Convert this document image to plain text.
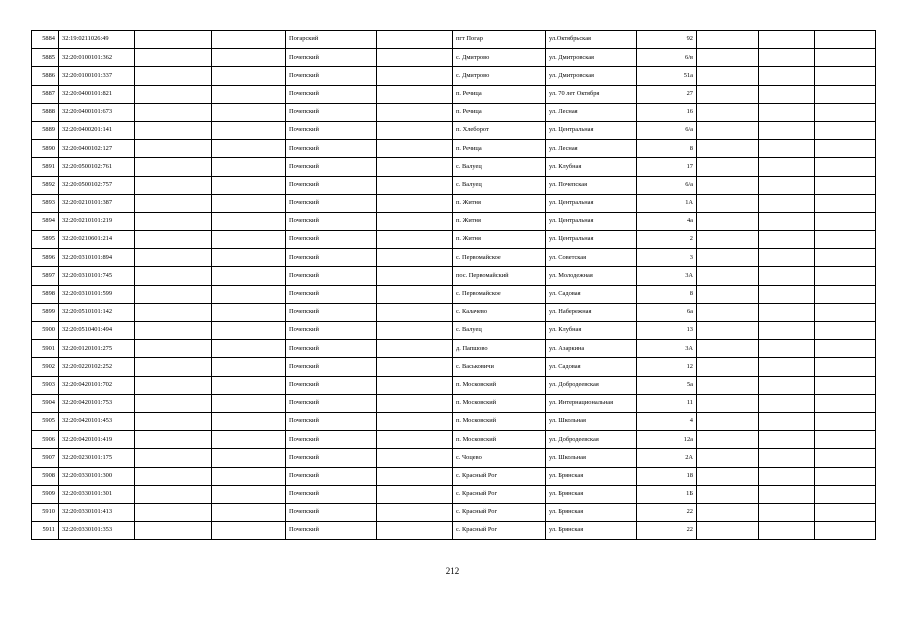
5884	32:19:0211026:49			Погарский		пгт Погар	ул.Октябрьская	92			
5885	32:20:0100101:362			Почепский		с. Дмитрово	ул. Дмитровская	6/в			
5886	32:20:0100101:337			Почепский		с. Дмитрово	ул. Дмитровская	51а			
5887	32:20:0400101:821			Почепский		п. Речица	ул. 70 лет Октября	27			
5888	32:20:0400101:673			Почепский		п. Речица	ул. Лесная	16			
5889	32:20:0400201:141			Почепский		п. Хлеборот	ул. Центральная	6/а			
5890	32:20:0400102:127			Почепский		п. Речица	ул. Лесная	8			
5891	32:20:0500102:761			Почепский		с. Валуец	ул. Клубная	17			
5892	32:20:0500102:757			Почепский		с. Валуец	ул. Почепская	6/а			
5893	32:20:0210101:387			Почепский		п. Житня	ул. Центральная	1А			
5894	32:20:0210101:219			Почепский		п. Житня	ул. Центральная	4а			
5895	32:20:0210601:214			Почепский		п. Житня	ул. Центральная	2			
5896	32:20:0310101:894			Почепский		с. Первомайское	ул. Советская	3			
5897	32:20:0310101:745			Почепский		пос. Первомайский	ул. Молодежная	3А			
5898	32:20:0310101:599			Почепский		с. Первомайское	ул. Садовая	8			
5899	32:20:0510101:142			Почепский		с. Калачево	ул. Набережная	6а			
5900	32:20:0510401:494			Почепский		с. Валуец	ул. Клубная	13			
5901	32:20:0120101:275			Почепский		д. Папшово	ул. Азаркина	3А			
5902	32:20:0220102:252			Почепский		с. Васьковичи	ул. Садовая	12			
5903	32:20:0420101:702			Почепский		п. Московский	ул. Добродеевская	5а			
5904	32:20:0420101:753			Почепский		п. Московский	ул. Интернациональная	11			
5905	32:20:0420101:453			Почепский		п. Московский	ул. Школьная	4			
5906	32:20:0420101:419			Почепский		п. Московский	ул. Добродеевская	12а			
5907	32:20:0230101:175			Почепский		с. Чоцево	ул. Школьная	2А			
5908	32:20:0330101:300			Почепский		с. Красный Рог	ул. Брянская	18			
5909	32:20:0330101:301			Почепский		с. Красный Рог	ул. Брянская	1Б			
5910	32:20:0330101:413			Почепский		с. Красный Рог	ул. Брянская	22			
5911	32:20:0330101:353			Почепский		с. Красный Рог	ул. Брянская	22			
212
